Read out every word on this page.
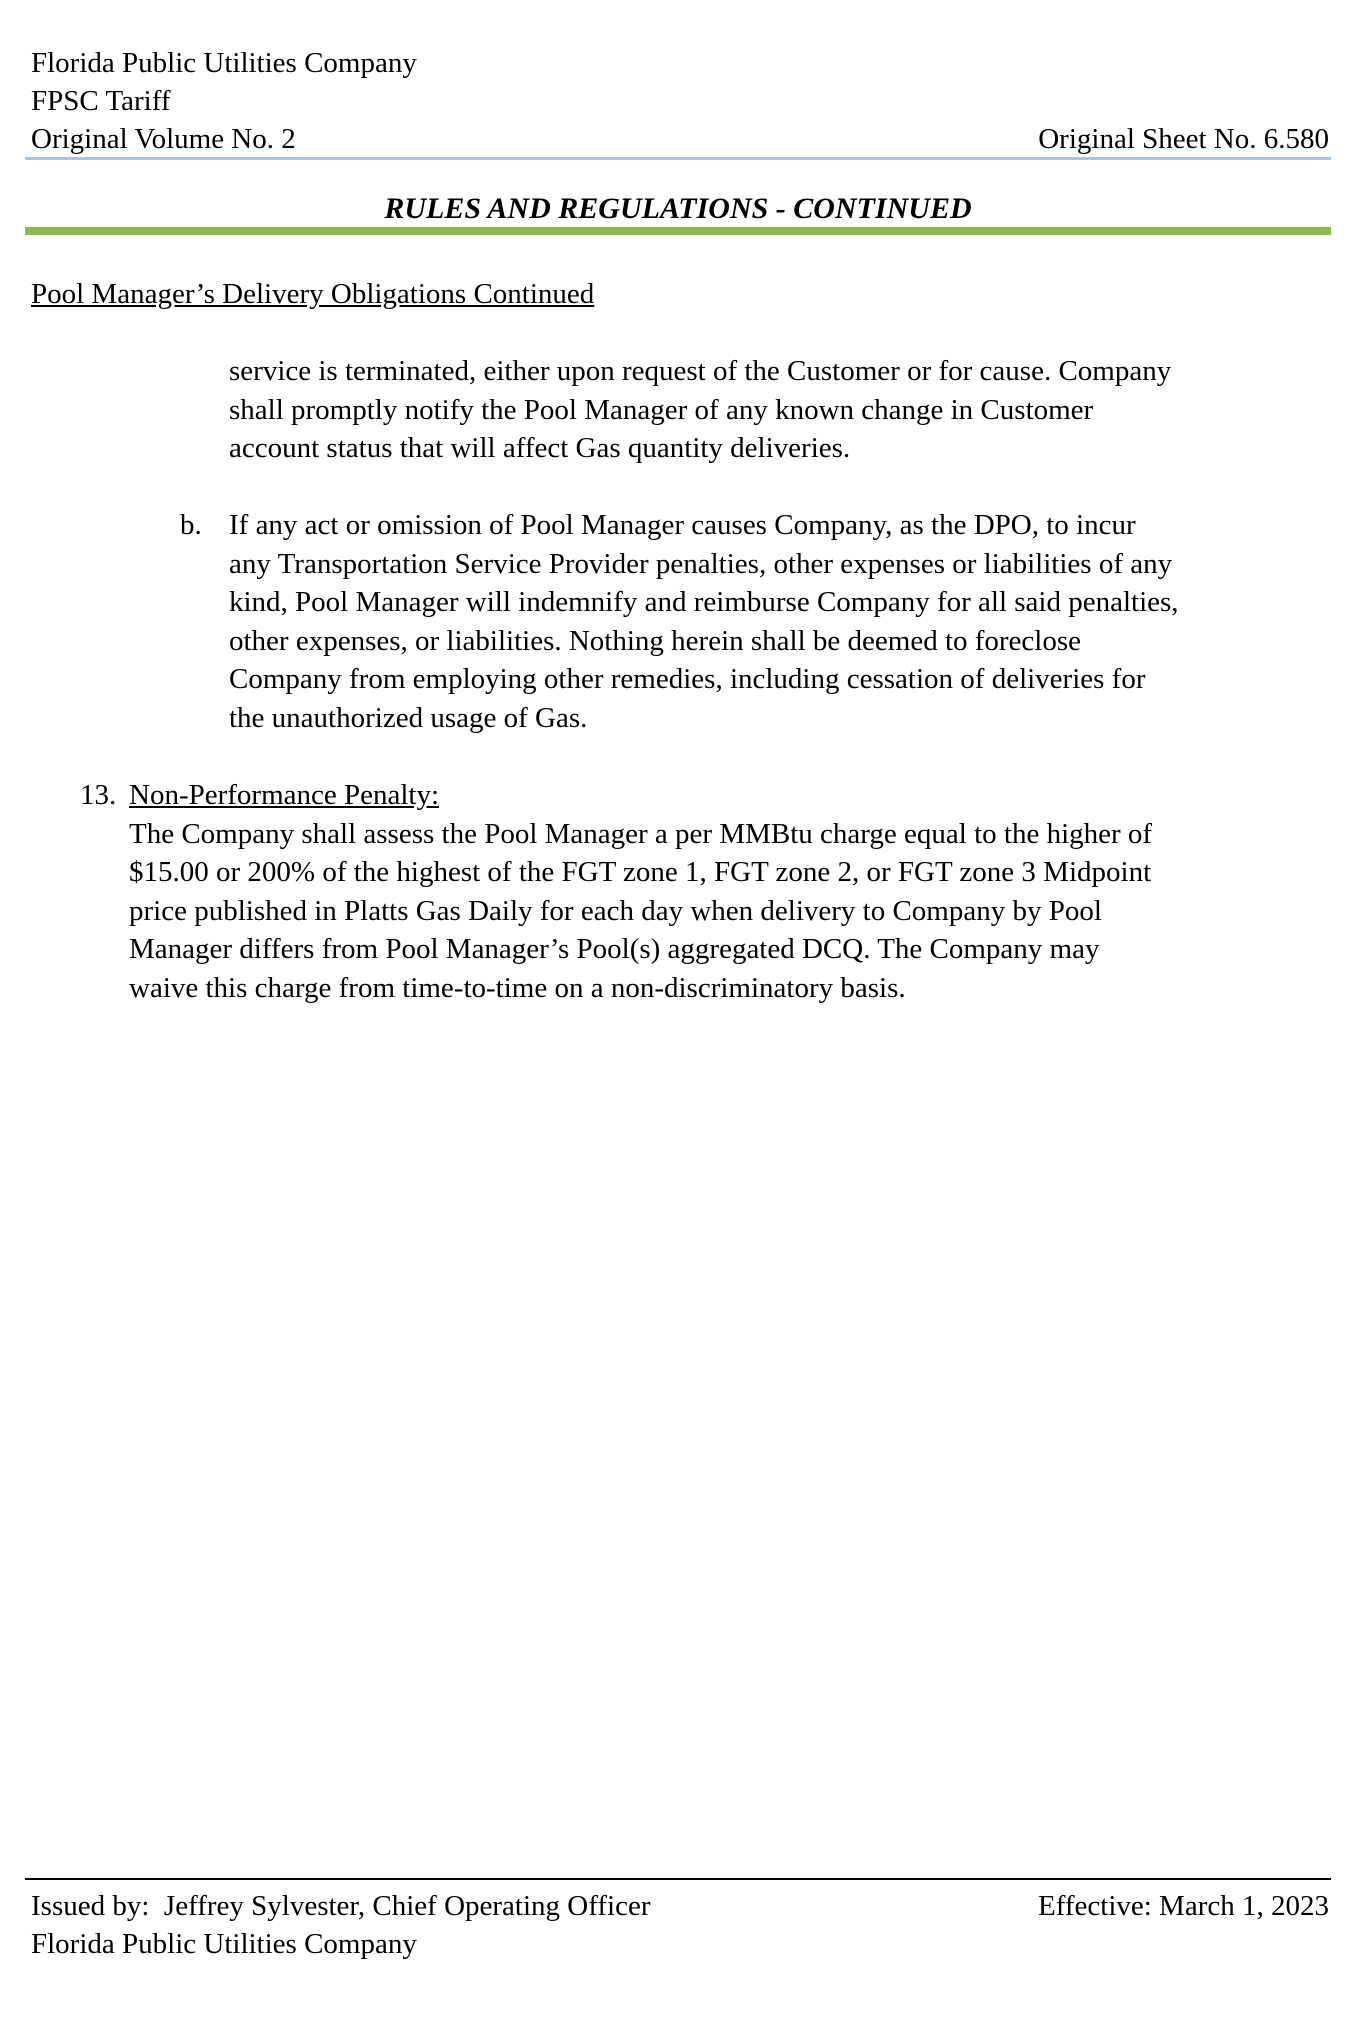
Florida Public Utilities Company
FPSC Tariff
Original Volume No. 2	Original Sheet No. 6.580
RULES AND REGULATIONS - CONTINUED
Pool Manager’s Delivery Obligations Continued
service is terminated, either upon request of the Customer or for cause. Company
shall promptly notify the Pool Manager of any known change in Customer
account status that will affect Gas quantity deliveries.
b. If any act or omission of Pool Manager causes Company, as the DPO, to incur
any Transportation Service Provider penalties, other expenses or liabilities of any
kind, Pool Manager will indemnify and reimburse Company for all said penalties,
other expenses, or liabilities. Nothing herein shall be deemed to foreclose
Company from employing other remedies, including cessation of deliveries for
the unauthorized usage of Gas.
13. Non-Performance Penalty:
The Company shall assess the Pool Manager a per MMBtu charge equal to the higher of
$15.00 or 200% of the highest of the FGT zone 1, FGT zone 2, or FGT zone 3 Midpoint
price published in Platts Gas Daily for each day when delivery to Company by Pool
Manager differs from Pool Manager’s Pool(s) aggregated DCQ. The Company may
waive this charge from time-to-time on a non-discriminatory basis.
Issued by:  Jeffrey Sylvester, Chief Operating Officer	Effective: March 1, 2023
Florida Public Utilities Company
